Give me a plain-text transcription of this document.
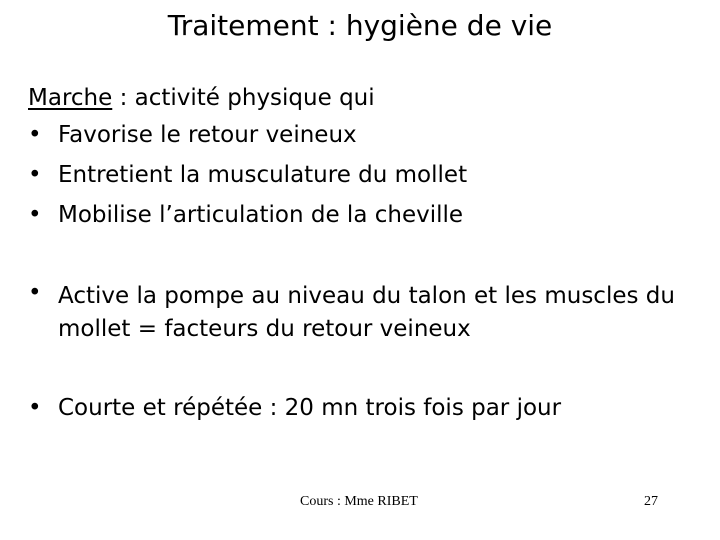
Traitement : hygiène de vie
Marche : activité physique qui
• Favorise le retour veineux
• Entretient la musculature du mollet
• Mobilise l’articulation de la cheville
• Active la pompe au niveau du talon et les muscles du mollet = facteurs du retour veineux
• Courte et répétée : 20 mn trois fois par jour
Cours : Mme RIBET	27
